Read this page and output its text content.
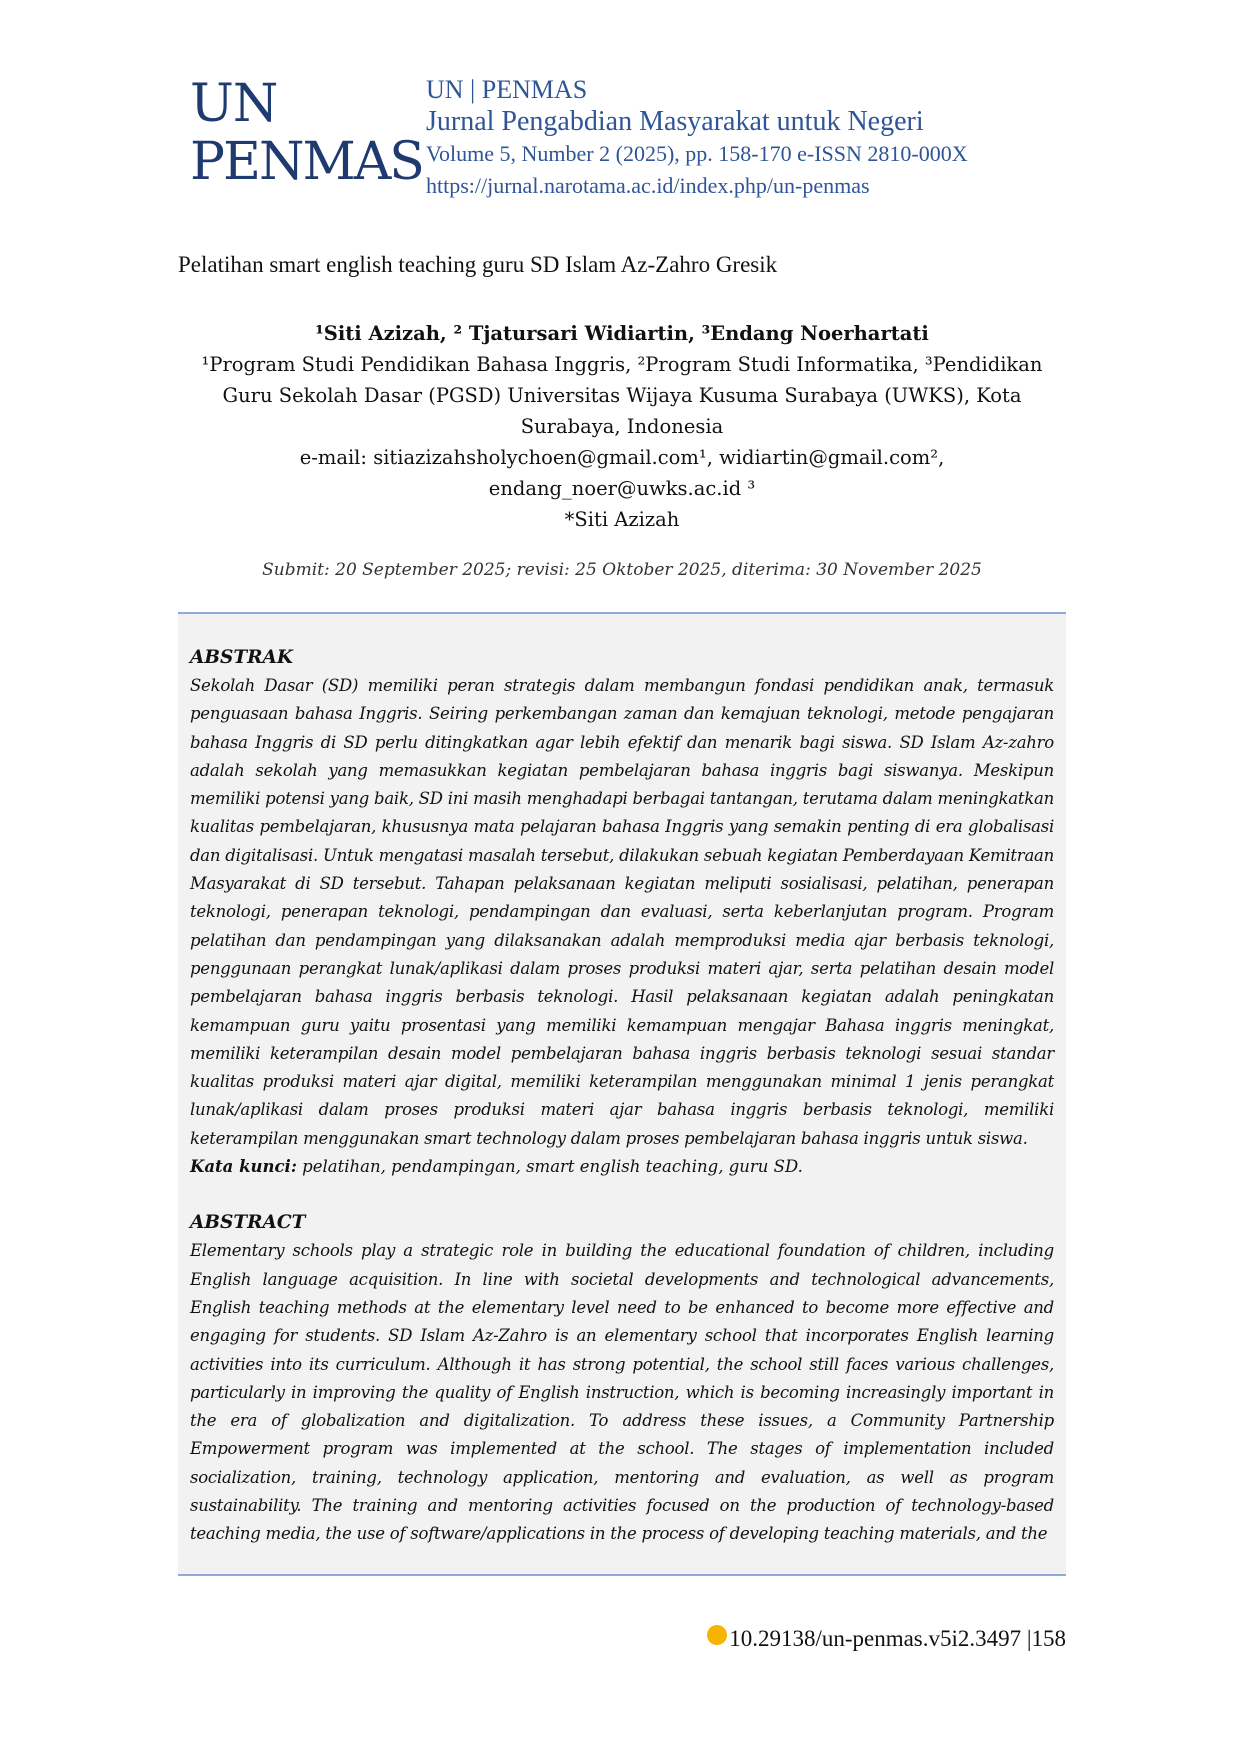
UN
PENMAS
UN | PENMAS
Jurnal Pengabdian Masyarakat untuk Negeri
Volume 5, Number 2 (2025), pp. 158-170 e-ISSN 2810-000X
https://jurnal.narotama.ac.id/index.php/un-penmas
Pelatihan smart english teaching guru SD Islam Az-Zahro Gresik
¹Siti Azizah, ² Tjatursari Widiartin, ³Endang Noerhartati
¹Program Studi Pendidikan Bahasa Inggris, ²Program Studi Informatika, ³Pendidikan
Guru Sekolah Dasar (PGSD) Universitas Wijaya Kusuma Surabaya (UWKS), Kota
Surabaya, Indonesia
e-mail: sitiazizahsholychoen@gmail.com¹, widiartin@gmail.com²,
endang_noer@uwks.ac.id ³
*Siti Azizah
Submit: 20 September 2025; revisi: 25 Oktober 2025, diterima: 30 November 2025

ABSTRAK

Sekolah Dasar (SD) memiliki peran strategis dalam membangun fondasi pendidikan anak, termasuk penguasaan bahasa Inggris. Seiring perkembangan zaman dan kemajuan teknologi, metode pengajaran bahasa Inggris di SD perlu ditingkatkan agar lebih efektif dan menarik bagi siswa. SD Islam Az-zahro adalah sekolah yang memasukkan kegiatan pembelajaran bahasa inggris bagi siswanya. Meskipun memiliki potensi yang baik, SD ini masih menghadapi berbagai tantangan, terutama dalam meningkatkan kualitas pembelajaran, khususnya mata pelajaran bahasa Inggris yang semakin penting di era globalisasi dan digitalisasi. Untuk mengatasi masalah tersebut, dilakukan sebuah kegiatan Pemberdayaan Kemitraan Masyarakat di SD tersebut. Tahapan pelaksanaan kegiatan meliputi sosialisasi, pelatihan, penerapan teknologi, penerapan teknologi, pendampingan dan evaluasi, serta keberlanjutan program. Program pelatihan dan pendampingan yang dilaksanakan adalah memproduksi media ajar berbasis teknologi, penggunaan perangkat lunak/aplikasi dalam proses produksi materi ajar, serta pelatihan desain model pembelajaran bahasa inggris berbasis teknologi. Hasil pelaksanaan kegiatan adalah peningkatan kemampuan guru yaitu prosentasi yang memiliki kemampuan mengajar Bahasa inggris meningkat, memiliki keterampilan desain model pembelajaran bahasa inggris berbasis teknologi sesuai standar kualitas produksi materi ajar digital, memiliki keterampilan menggunakan minimal 1 jenis perangkat lunak/aplikasi dalam proses produksi materi ajar bahasa inggris berbasis teknologi, memiliki keterampilan menggunakan smart technology dalam proses pembelajaran bahasa inggris untuk siswa.

Kata kunci: pelatihan, pendampingan, smart english teaching, guru SD.

ABSTRACT

Elementary schools play a strategic role in building the educational foundation of children, including English language acquisition. In line with societal developments and technological advancements, English teaching methods at the elementary level need to be enhanced to become more effective and engaging for students. SD Islam Az-Zahro is an elementary school that incorporates English learning activities into its curriculum. Although it has strong potential, the school still faces various challenges, particularly in improving the quality of English instruction, which is becoming increasingly important in the era of globalization and digitalization. To address these issues, a Community Partnership Empowerment program was implemented at the school. The stages of implementation included socialization, training, technology application, mentoring and evaluation, as well as program sustainability. The training and mentoring activities focused on the production of technology-based teaching media, the use of software/applications in the process of developing teaching materials, and the

10.29138/un-penmas.v5i2.3497 |158
